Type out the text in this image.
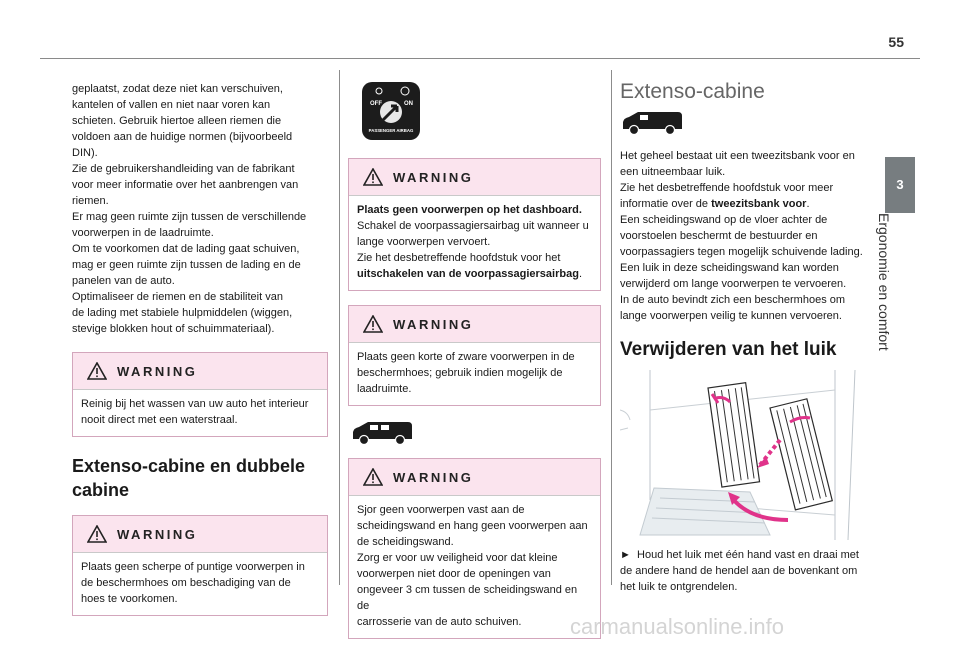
55
3
Ergonomie en comfort

geplaatst, zodat deze niet kan verschuiven,

kantelen of vallen en niet naar voren kan

schieten. Gebruik hiertoe alleen riemen die

voldoen aan de huidige normen (bijvoorbeeld

DIN).

Zie de gebruikershandleiding van de fabrikant

voor meer informatie over het aanbrengen van

riemen.

Er mag geen ruimte zijn tussen de verschillende

voorwerpen in de laadruimte.

Om te voorkomen dat de lading gaat schuiven,

mag er geen ruimte zijn tussen de lading en de

panelen van de auto.

Optimaliseer de riemen en de stabiliteit van

de lading met stabiele hulpmiddelen (wiggen,

stevige blokken hout of schuimmateriaal).

WARNING

Reinig bij het wassen van uw auto het interieur

nooit direct met een waterstraal.

Extenso-cabine en dubbele
cabine
WARNING

Plaats geen scherpe of puntige voorwerpen in

de beschermhoes om beschadiging van de

hoes te voorkomen.

OFF	ON
PASSENGER AIRBAG
WARNING

Plaats geen voorwerpen op het dashboard.

Schakel de voorpassagiersairbag uit wanneer u

lange voorwerpen vervoert.

Zie het desbetreffende hoofdstuk voor het

uitschakelen van de voorpassagiersairbag.

WARNING

Plaats geen korte of zware voorwerpen in de

beschermhoes; gebruik indien mogelijk de

laadruimte.

WARNING

Sjor geen voorwerpen vast aan de

scheidingswand en hang geen voorwerpen aan

de scheidingswand.

Zorg er voor uw veiligheid voor dat kleine

voorwerpen niet door de openingen van

ongeveer 3 cm tussen de scheidingswand en de

carrosserie van de auto schuiven.

Extenso-cabine

Het geheel bestaat uit een tweezitsbank voor en

een uitneembaar luik.

Zie het desbetreffende hoofdstuk voor meer

informatie over de tweezitsbank voor.

Een scheidingswand op de vloer achter de

voorstoelen beschermt de bestuurder en

voorpassagiers tegen mogelijk schuivende lading.

Een luik in deze scheidingswand kan worden

verwijderd om lange voorwerpen te vervoeren.

In de auto bevindt zich een beschermhoes om

lange voorwerpen veilig te kunnen vervoeren.

Verwijderen van het luik

► Houd het luik met één hand vast en draai met

de andere hand de hendel aan de bovenkant om

het luik te ontgrendelen.

carmanualsonline.info
